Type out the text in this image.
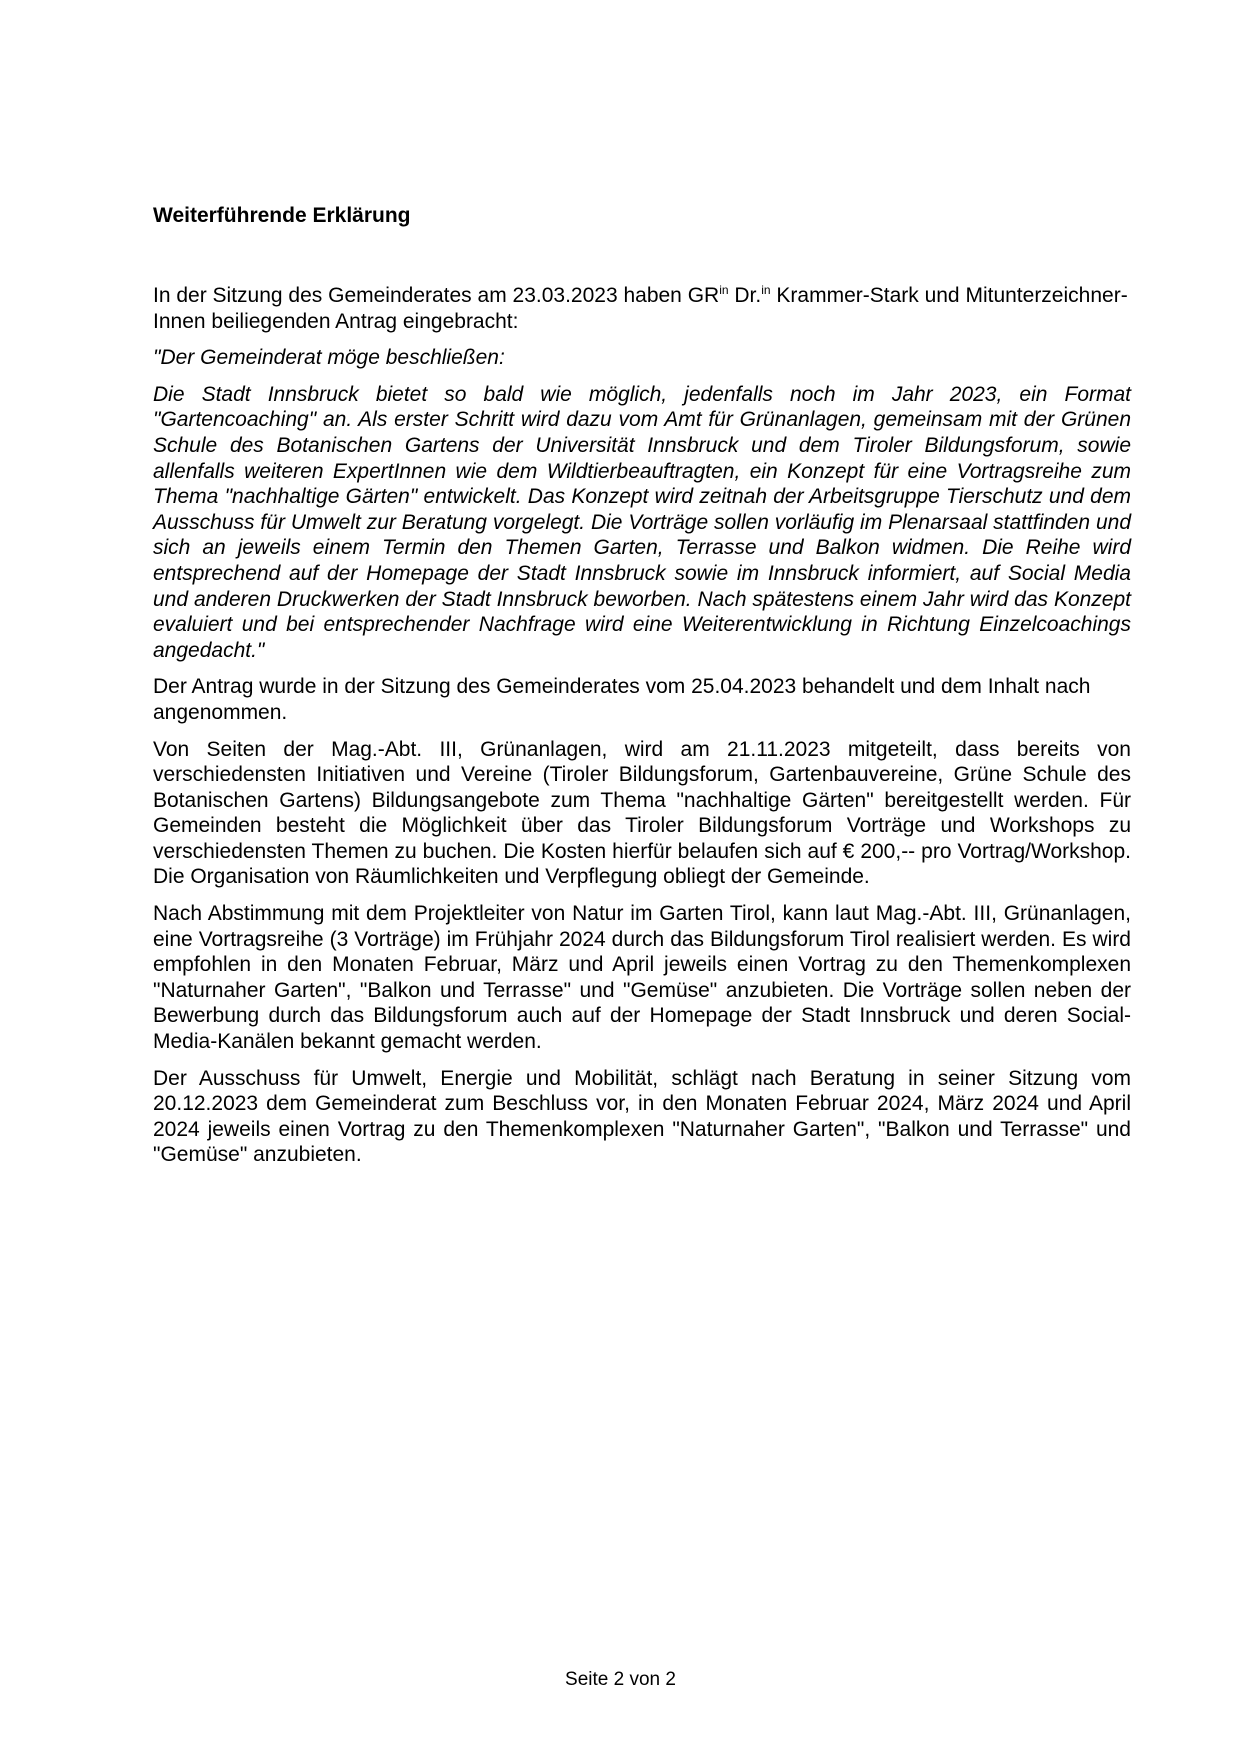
Weiterführende Erklärung

In der Sitzung des Gemeinderates am 23.03.2023 haben $GR^{in}$ Dr.$^{in}$ Krammer-Stark und MitunterzeichnerInnen beiliegenden Antrag eingebracht:

"Der Gemeinderat möge beschließen:

Die Stadt Innsbruck bietet so bald wie möglich, jedenfalls noch im Jahr 2023, ein Format "Gartencoaching" an. Als erster Schritt wird dazu vom Amt für Grünanlagen, gemeinsam mit der Grünen Schule des Botanischen Gartens der Universität Innsbruck und dem Tiroler Bildungsforum, sowie allenfalls weiteren ExpertInnen wie dem Wildtierbeauftragten, ein Konzept für eine Vortragsreihe zum Thema "nachhaltige Gärten" entwickelt. Das Konzept wird zeitnah der Arbeitsgruppe Tierschutz und dem Ausschuss für Umwelt zur Beratung vorgelegt. Die Vorträge sollen vorläufig im Plenarsaal stattfinden und sich an jeweils einem Termin den Themen Garten, Terrasse und Balkon widmen. Die Reihe wird entsprechend auf der Homepage der Stadt Innsbruck sowie im Innsbruck informiert, auf Social Media und anderen Druckwerken der Stadt Innsbruck beworben. Nach spätestens einem Jahr wird das Konzept evaluiert und bei entsprechender Nachfrage wird eine Weiterentwicklung in Richtung Einzelcoachings angedacht."

Der Antrag wurde in der Sitzung des Gemeinderates vom 25.04.2023 behandelt und dem Inhalt nach angenommen.

Von Seiten der Mag.-Abt. III, Grünanlagen, wird am 21.11.2023 mitgeteilt, dass bereits von verschiedensten Initiativen und Vereine (Tiroler Bildungsforum, Gartenbauvereine, Grüne Schule des Botanischen Gartens) Bildungsangebote zum Thema "nachhaltige Gärten" bereitgestellt werden. Für Gemeinden besteht die Möglichkeit über das Tiroler Bildungsforum Vorträge und Workshops zu verschiedensten Themen zu buchen. Die Kosten hierfür belaufen sich auf € 200,-- pro Vortrag/Workshop. Die Organisation von Räumlichkeiten und Verpflegung obliegt der Gemeinde.

Nach Abstimmung mit dem Projektleiter von Natur im Garten Tirol, kann laut Mag.-Abt. III, Grünanlagen, eine Vortragsreihe (3 Vorträge) im Frühjahr 2024 durch das Bildungsforum Tirol realisiert werden. Es wird empfohlen in den Monaten Februar, März und April jeweils einen Vortrag zu den Themenkomplexen "Naturnaher Garten", "Balkon und Terrasse" und "Gemüse" anzubieten. Die Vorträge sollen neben der Bewerbung durch das Bildungsforum auch auf der Homepage der Stadt Innsbruck und deren Social-Media-Kanälen bekannt gemacht werden.

Der Ausschuss für Umwelt, Energie und Mobilität, schlägt nach Beratung in seiner Sitzung vom 20.12.2023 dem Gemeinderat zum Beschluss vor, in den Monaten Februar 2024, März 2024 und April 2024 jeweils einen Vortrag zu den Themenkomplexen "Naturnaher Garten", "Balkon und Terrasse" und "Gemüse" anzubieten.

Seite 2 von 2
